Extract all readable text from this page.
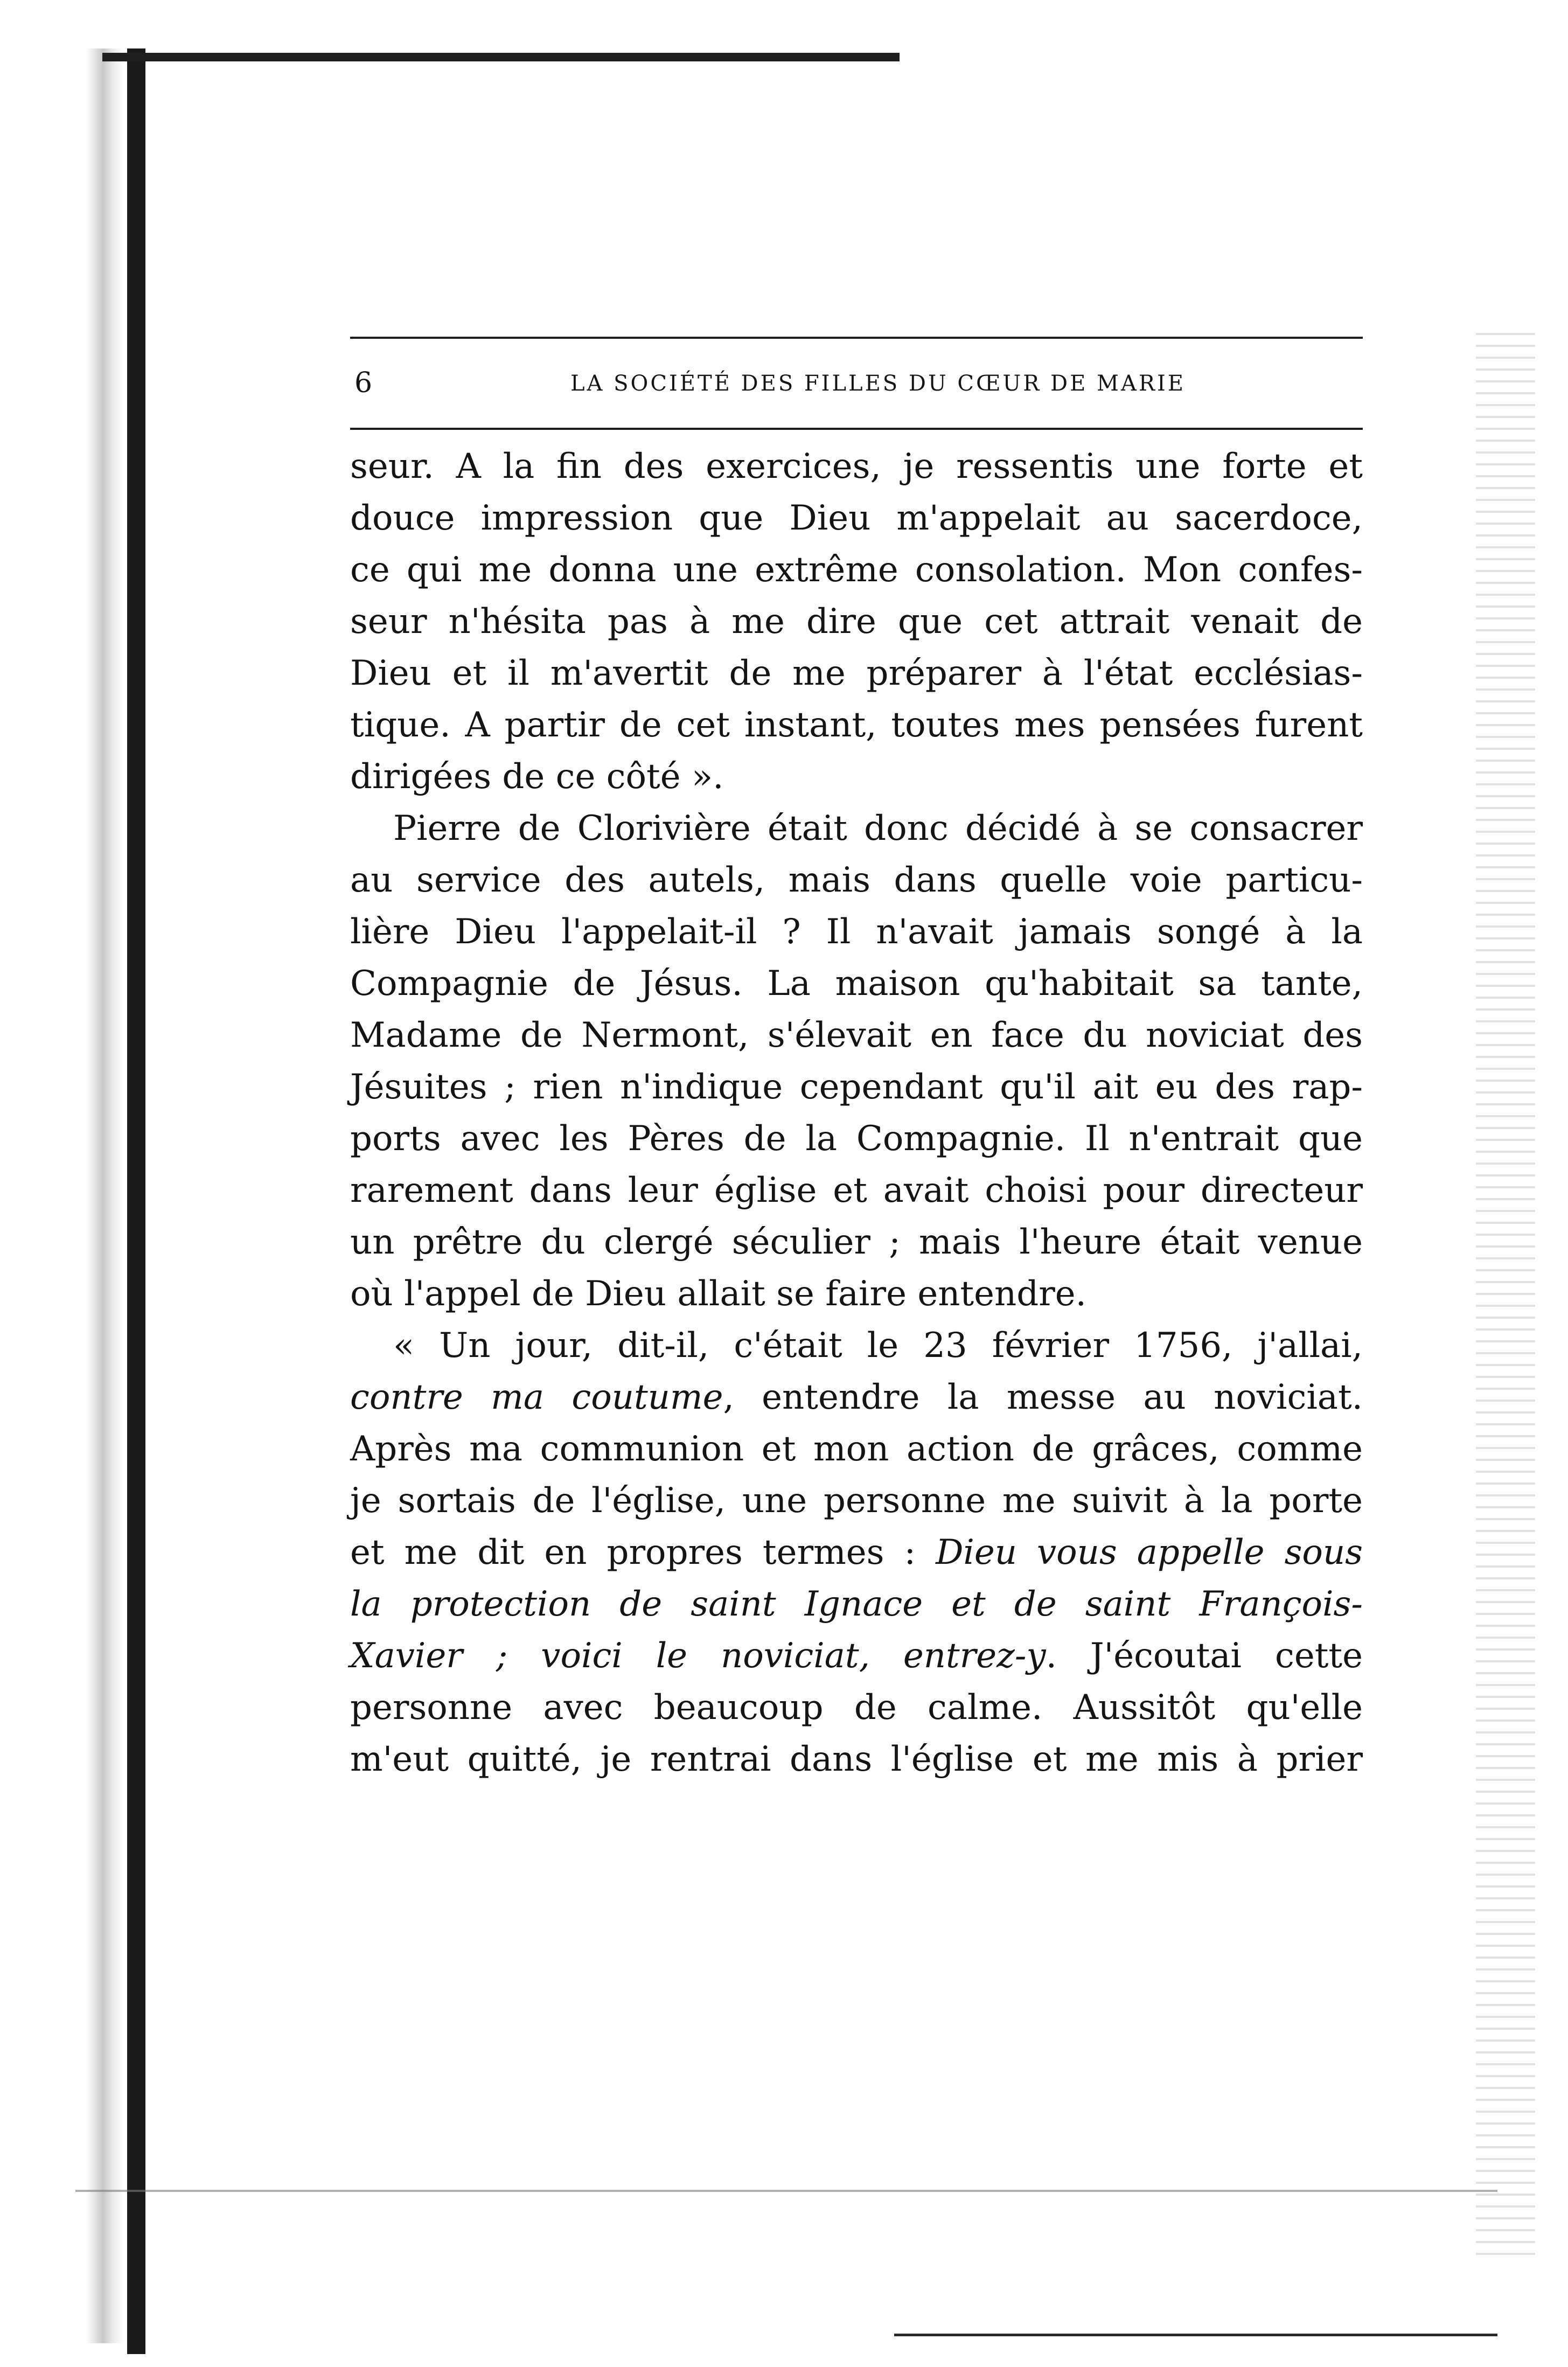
6	LA SOCIÉTÉ DES FILLES DU CŒUR DE MARIE

seur. A la fin des exercices, je ressentis une forte et
douce impression que Dieu m'appelait au sacerdoce,
ce qui me donna une extrême consolation. Mon confes-
seur n'hésita pas à me dire que cet attrait venait de
Dieu et il m'avertit de me préparer à l'état ecclésias-
tique. A partir de cet instant, toutes mes pensées furent
dirigées de ce côté ».

Pierre de Clorivière était donc décidé à se consacrer
au service des autels, mais dans quelle voie particu-
lière Dieu l'appelait-il ? Il n'avait jamais songé à la
Compagnie de Jésus. La maison qu'habitait sa tante,
Madame de Nermont, s'élevait en face du noviciat des
Jésuites ; rien n'indique cependant qu'il ait eu des rap-
ports avec les Pères de la Compagnie. Il n'entrait que
rarement dans leur église et avait choisi pour directeur
un prêtre du clergé séculier ; mais l'heure était venue
où l'appel de Dieu allait se faire entendre.

« Un jour, dit-il, c'était le 23 février 1756, j'allai,
contre ma coutume, entendre la messe au noviciat.
Après ma communion et mon action de grâces, comme
je sortais de l'église, une personne me suivit à la porte
et me dit en propres termes : Dieu vous appelle sous
la protection de saint Ignace et de saint François-
Xavier ; voici le noviciat, entrez-y. J'écoutai cette
personne avec beaucoup de calme. Aussitôt qu'elle
m'eut quitté, je rentrai dans l'église et me mis à prier
